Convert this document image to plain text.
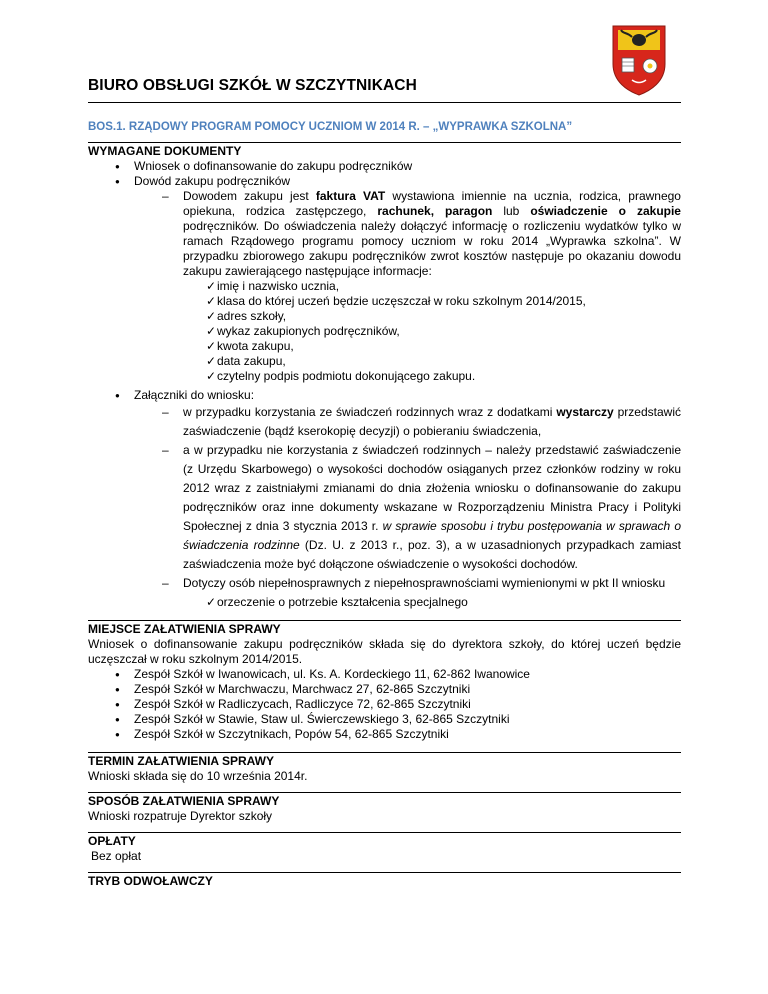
BIURO OBSŁUGI SZKÓŁ W SZCZYTNIKACH
BOS.1. RZĄDOWY PROGRAM POMOCY UCZNIOM W 2014 R. – „WYPRAWKA SZKOLNA”

WYMAGANE DOKUMENTY

● Wniosek o dofinansowanie do zakupu podręczników
● Dowód zakupu podręczników
– Dowodem zakupu jest faktura VAT wystawiona imiennie na ucznia, rodzica, prawnego opiekuna, rodzica zastępczego, rachunek, paragon lub oświadczenie o zakupie podręczników. Do oświadczenia należy dołączyć informację o rozliczeniu wydatków tylko w ramach Rządowego programu pomocy uczniom w roku 2014 „Wyprawka szkolna”. W przypadku zbiorowego zakupu podręczników zwrot kosztów następuje po okazaniu dowodu zakupu zawierającego następujące informacje:
✓imię i nazwisko ucznia,
✓klasa do której uczeń będzie uczęszczał w roku szkolnym 2014/2015,
✓adres szkoły,
✓wykaz zakupionych podręczników,
✓kwota zakupu,
✓data zakupu,
✓czytelny podpis podmiotu dokonującego zakupu.
● Załączniki do wniosku:
– w przypadku korzystania ze świadczeń rodzinnych wraz z dodatkami wystarczy przedstawić zaświadczenie (bądź kserokopię decyzji) o pobieraniu świadczenia,
– a w przypadku nie korzystania z świadczeń rodzinnych – należy przedstawić zaświadczenie (z Urzędu Skarbowego) o wysokości dochodów osiąganych przez członków rodziny w roku 2012 wraz z zaistniałymi zmianami do dnia złożenia wniosku o dofinansowanie do zakupu podręczników oraz inne dokumenty wskazane w Rozporządzeniu Ministra Pracy i Polityki Społecznej z dnia 3 stycznia 2013 r. w sprawie sposobu i trybu postępowania w sprawach o świadczenia rodzinne (Dz. U. z 2013 r., poz. 3), a w uzasadnionych przypadkach zamiast zaświadczenia może być dołączone oświadczenie o wysokości dochodów.
– Dotyczy osób niepełnosprawnych z niepełnosprawnościami wymienionymi w pkt II wniosku
✓orzeczenie o potrzebie kształcenia specjalnego

MIEJSCE ZAŁATWIENIA SPRAWY

Wniosek o dofinansowanie zakupu podręczników składa się do dyrektora szkoły, do której uczeń będzie uczęszczał w roku szkolnym 2014/2015.

● Zespół Szkół w Iwanowicach, ul. Ks. A. Kordeckiego 11, 62-862 Iwanowice
● Zespół Szkół w Marchwaczu, Marchwacz 27, 62-865 Szczytniki
● Zespół Szkół w Radliczycach, Radliczyce 72, 62-865 Szczytniki
● Zespół Szkół w Stawie, Staw ul. Świerczewskiego 3, 62-865 Szczytniki
● Zespół Szkół w Szczytnikach, Popów 54, 62-865 Szczytniki

TERMIN ZAŁATWIENIA SPRAWY

Wnioski składa się do 10 września 2014r.

SPOSÓB ZAŁATWIENIA SPRAWY

Wnioski rozpatruje Dyrektor szkoły

OPŁATY

Bez opłat

TRYB ODWOŁAWCZY
